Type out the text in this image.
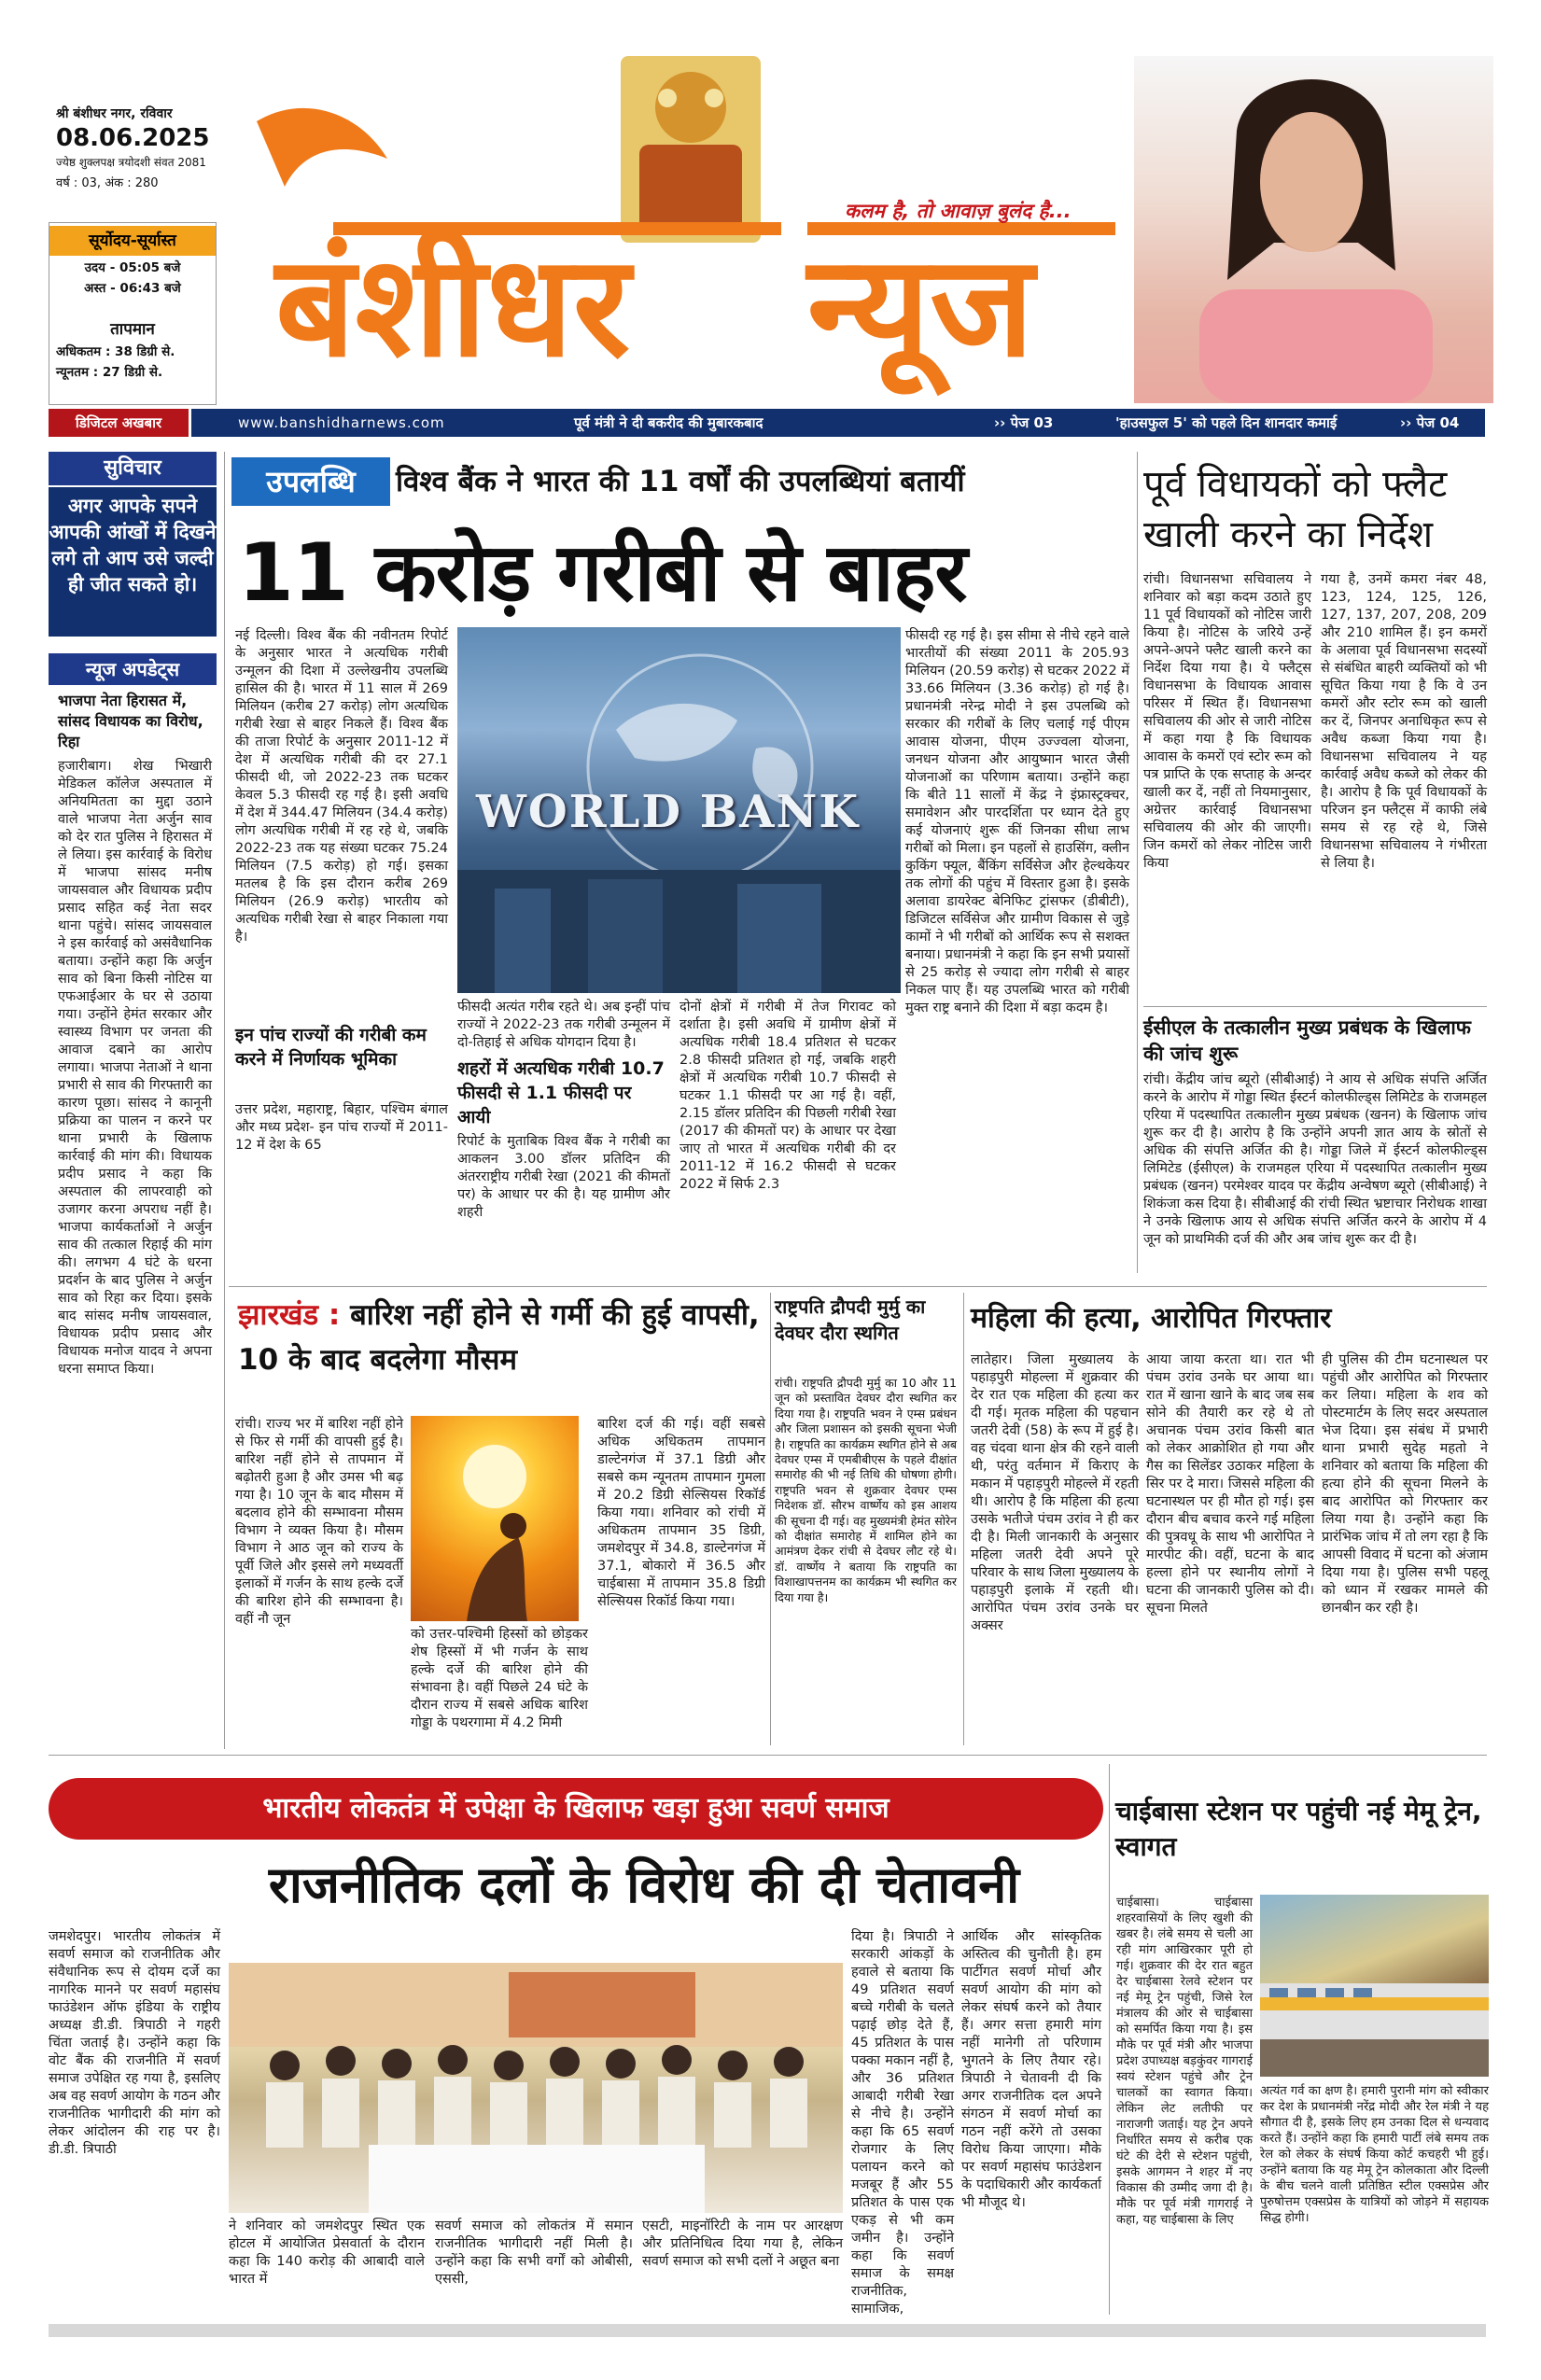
श्री बंशीधर नगर, रविवार
08.06.2025
ज्येष्ठ शुक्लपक्ष त्रयोदशी संवत 2081
वर्ष : 03, अंक : 280
सूर्योदय-सूर्यास्त
उदय - 05:05 बजे
अस्त - 06:43 बजे
तापमान
अधिकतम : 38 डिग्री से.
न्यूनतम : 27 डिग्री से. बंशीधर न्यूज
कलम है, तो आवाज़ बुलंद है...
डिजिटल अखबार	www.banshidharnews.com	पूर्व मंत्री ने दी बकरीद की मुबारकबाद	›› पेज 03	'हाउसफुल 5' को पहले दिन शानदार कमाई	›› पेज 04
सुविचार
अगर आपके सपने आपकी आंखों में दिखने लगे तो आप उसे जल्दी ही जीत सकते हो।
न्यूज अपडेट्स
भाजपा नेता हिरासत में, सांसद विधायक का विरोध, रिहा
हजारीबाग। शेख भिखारी मेडिकल कॉलेज अस्पताल में अनियमितता का मुद्दा उठाने वाले भाजपा नेता अर्जुन साव को देर रात पुलिस ने हिरासत में ले लिया। इस कार्रवाई के विरोध में भाजपा सांसद मनीष जायसवाल और विधायक प्रदीप प्रसाद सहित कई नेता सदर थाना पहुंचे। सांसद जायसवाल ने इस कार्रवाई को असंवैधानिक बताया। उन्होंने कहा कि अर्जुन साव को बिना किसी नोटिस या एफआईआर के घर से उठाया गया। उन्होंने हेमंत सरकार और स्वास्थ्य विभाग पर जनता की आवाज दबाने का आरोप लगाया। भाजपा नेताओं ने थाना प्रभारी से साव की गिरफ्तारी का कारण पूछा। सांसद ने कानूनी प्रक्रिया का पालन न करने पर थाना प्रभारी के खिलाफ कार्रवाई की मांग की। विधायक प्रदीप प्रसाद ने कहा कि अस्पताल की लापरवाही को उजागर करना अपराध नहीं है। भाजपा कार्यकर्ताओं ने अर्जुन साव की तत्काल रिहाई की मांग की। लगभग 4 घंटे के धरना प्रदर्शन के बाद पुलिस ने अर्जुन साव को रिहा कर दिया। इसके बाद सांसद मनीष जायसवाल, विधायक प्रदीप प्रसाद और विधायक मनोज यादव ने अपना धरना समाप्त किया।
उपलब्धि	विश्व बैंक ने भारत की 11 वर्षों की उपलब्धियां बतायीं
11 करोड़ गरीबी से बाहर
नई दिल्ली। विश्व बैंक की नवीनतम रिपोर्ट के अनुसार भारत ने अत्यधिक गरीबी उन्मूलन की दिशा में उल्लेखनीय उपलब्धि हासिल की है। भारत में 11 साल में 269 मिलियन (करीब 27 करोड़) लोग अत्यधिक गरीबी रेखा से बाहर निकले हैं। विश्व बैंक की ताजा रिपोर्ट के अनुसार 2011-12 में देश में अत्यधिक गरीबी की दर 27.1 फीसदी थी, जो 2022-23 तक घटकर केवल 5.3 फीसदी रह गई है। इसी अवधि में देश में 344.47 मिलियन (34.4 करोड़) लोग अत्यधिक गरीबी में रह रहे थे, जबकि 2022-23 तक यह संख्या घटकर 75.24 मिलियन (7.5 करोड़) हो गई। इसका मतलब है कि इस दौरान करीब 269 मिलियन (26.9 करोड़) भारतीय को अत्यधिक गरीबी रेखा से बाहर निकाला गया है।
इन पांच राज्यों की गरीबी कम करने में निर्णायक भूमिका
उत्तर प्रदेश, महाराष्ट्र, बिहार, पश्चिम बंगाल और मध्य प्रदेश- इन पांच राज्यों में 2011-12 में देश के 65
WORLD BANK
फीसदी अत्यंत गरीब रहते थे। अब इन्हीं पांच राज्यों ने 2022-23 तक गरीबी उन्मूलन में दो-तिहाई से अधिक योगदान दिया है।
शहरों में अत्यधिक गरीबी 10.7 फीसदी से 1.1 फीसदी पर आयी
रिपोर्ट के मुताबिक विश्व बैंक ने गरीबी का आकलन 3.00 डॉलर प्रतिदिन की अंतरराष्ट्रीय गरीबी रेखा (2021 की कीमतों पर) के आधार पर की है। यह ग्रामीण और शहरी
दोनों क्षेत्रों में गरीबी में तेज गिरावट को दर्शाता है। इसी अवधि में ग्रामीण क्षेत्रों में अत्यधिक गरीबी 18.4 प्रतिशत से घटकर 2.8 फीसदी प्रतिशत हो गई, जबकि शहरी क्षेत्रों में अत्यधिक गरीबी 10.7 फीसदी से घटकर 1.1 फीसदी पर आ गई है। वहीं, 2.15 डॉलर प्रतिदिन की पिछली गरीबी रेखा (2017 की कीमतों पर) के आधार पर देखा जाए तो भारत में अत्यधिक गरीबी की दर 2011-12 में 16.2 फीसदी से घटकर 2022 में सिर्फ 2.3
फीसदी रह गई है। इस सीमा से नीचे रहने वाले भारतीयों की संख्या 2011 के 205.93 मिलियन (20.59 करोड़) से घटकर 2022 में 33.66 मिलियन (3.36 करोड़) हो गई है। प्रधानमंत्री नरेन्द्र मोदी ने इस उपलब्धि को सरकार की गरीबों के लिए चलाई गई पीएम आवास योजना, पीएम उज्ज्वला योजना, जनधन योजना और आयुष्मान भारत जैसी योजनाओं का परिणाम बताया। उन्होंने कहा कि बीते 11 सालों में केंद्र ने इंफ्रास्ट्रक्चर, समावेशन और पारदर्शिता पर ध्यान देते हुए कई योजनाएं शुरू कीं जिनका सीधा लाभ गरीबों को मिला। इन पहलों से हाउसिंग, क्लीन कुकिंग फ्यूल, बैंकिंग सर्विसेज और हेल्थकेयर तक लोगों की पहुंच में विस्तार हुआ है। इसके अलावा डायरेक्ट बेनिफिट ट्रांसफर (डीबीटी), डिजिटल सर्विसेज और ग्रामीण विकास से जुड़े कामों ने भी गरीबों को आर्थिक रूप से सशक्त बनाया। प्रधानमंत्री ने कहा कि इन सभी प्रयासों से 25 करोड़ से ज्यादा लोग गरीबी से बाहर निकल पाए हैं। यह उपलब्धि भारत को गरीबी मुक्त राष्ट्र बनाने की दिशा में बड़ा कदम है।
पूर्व विधायकों को फ्लैट खाली करने का निर्देश
रांची। विधानसभा सचिवालय ने शनिवार को बड़ा कदम उठाते हुए 11 पूर्व विधायकों को नोटिस जारी किया है। नोटिस के जरिये उन्हें अपने-अपने फ्लैट खाली करने का निर्देश दिया गया है। ये फ्लैट्स विधानसभा के विधायक आवास परिसर में स्थित हैं। विधानसभा सचिवालय की ओर से जारी नोटिस में कहा गया है कि विधायक आवास के कमरों एवं स्टोर रूम को पत्र प्राप्ति के एक सप्ताह के अन्दर खाली कर दें, नहीं तो नियमानुसार, अग्रेत्तर कार्रवाई विधानसभा सचिवालय की ओर की जाएगी। जिन कमरों को लेकर नोटिस जारी किया
गया है, उनमें कमरा नंबर 48, 123, 124, 125, 126, 127, 137, 207, 208, 209 और 210 शामिल हैं। इन कमरों के अलावा पूर्व विधानसभा सदस्यों से संबंधित बाहरी व्यक्तियों को भी सूचित किया गया है कि वे उन कमरों और स्टोर रूम को खाली कर दें, जिनपर अनाधिकृत रूप से अवैध कब्जा किया गया है। विधानसभा सचिवालय ने यह कार्रवाई अवैध कब्जे को लेकर की है। आरोप है कि पूर्व विधायकों के परिजन इन फ्लैट्स में काफी लंबे समय से रह रहे थे, जिसे विधानसभा सचिवालय ने गंभीरता से लिया है।
ईसीएल के तत्कालीन मुख्य प्रबंधक के खिलाफ की जांच शुरू
रांची। केंद्रीय जांच ब्यूरो (सीबीआई) ने आय से अधिक संपत्ति अर्जित करने के आरोप में गोड्डा स्थित ईस्टर्न कोलफील्ड्स लिमिटेड के राजमहल एरिया में पदस्थापित तत्कालीन मुख्य प्रबंधक (खनन) के खिलाफ जांच शुरू कर दी है। आरोप है कि उन्होंने अपनी ज्ञात आय के स्रोतों से अधिक की संपत्ति अर्जित की है। गोड्डा जिले में ईस्टर्न कोलफील्ड्स लिमिटेड (ईसीएल) के राजमहल एरिया में पदस्थापित तत्कालीन मुख्य प्रबंधक (खनन) परमेश्वर यादव पर केंद्रीय अन्वेषण ब्यूरो (सीबीआई) ने शिकंजा कस दिया है। सीबीआई की रांची स्थित भ्रष्टाचार निरोधक शाखा ने उनके खिलाफ आय से अधिक संपत्ति अर्जित करने के आरोप में 4 जून को प्राथमिकी दर्ज की और अब जांच शुरू कर दी है।
झारखंड : बारिश नहीं होने से गर्मी की हुई वापसी, 10 के बाद बदलेगा मौसम
रांची। राज्य भर में बारिश नहीं होने से फिर से गर्मी की वापसी हुई है। बारिश नहीं होने से तापमान में बढ़ोतरी हुआ है और उमस भी बढ़ गया है। 10 जून के बाद मौसम में बदलाव होने की सम्भावना मौसम विभाग ने व्यक्त किया है। मौसम विभाग ने आठ जून को राज्य के पूर्वी जिले और इससे लगे मध्यवर्ती इलाकों में गर्जन के साथ हल्के दर्जे की बारिश होने की सम्भावना है। वहीं नौ जून
को उत्तर-पश्चिमी हिस्सों को छोड़कर शेष हिस्सों में भी गर्जन के साथ हल्के दर्जे की बारिश होने की संभावना है। वहीं पिछले 24 घंटे के दौरान राज्य में सबसे अधिक बारिश गोड्डा के पथरगामा में 4.2 मिमी
बारिश दर्ज की गई। वहीं सबसे अधिक अधिकतम तापमान डाल्टेनगंज में 37.1 डिग्री और सबसे कम न्यूनतम तापमान गुमला में 20.2 डिग्री सेल्सियस रिकॉर्ड किया गया। शनिवार को रांची में अधिकतम तापमान 35 डिग्री, जमशेदपुर में 34.8, डाल्टेनगंज में 37.1, बोकारो में 36.5 और चाईबासा में तापमान 35.8 डिग्री सेल्सियस रिकॉर्ड किया गया।
राष्ट्रपति द्रौपदी मुर्मु का देवघर दौरा स्थगित
रांची। राष्ट्रपति द्रौपदी मुर्मु का 10 और 11 जून को प्रस्तावित देवघर दौरा स्थगित कर दिया गया है। राष्ट्रपति भवन ने एम्स प्रबंधन और जिला प्रशासन को इसकी सूचना भेजी है। राष्ट्रपति का कार्यक्रम स्थगित होने से अब देवघर एम्स में एमबीबीएस के पहले दीक्षांत समारोह की भी नई तिथि की घोषणा होगी। राष्ट्रपति भवन से शुक्रवार देवघर एम्स निदेशक डॉ. सौरभ वार्ष्णेय को इस आशय की सूचना दी गई। वह मुख्यमंत्री हेमंत सोरेन को दीक्षांत समारोह में शामिल होने का आमंत्रण देकर रांची से देवघर लौट रहे थे। डॉ. वार्ष्णेय ने बताया कि राष्ट्रपति का विशाखापत्तनम का कार्यक्रम भी स्थगित कर दिया गया है।
महिला की हत्या, आरोपित गिरफ्तार
लातेहार। जिला मुख्यालय के पहाड़पुरी मोहल्ला में शुक्रवार की देर रात एक महिला की हत्या कर दी गई। मृतक महिला की पहचान जतरी देवी (58) के रूप में हुई है। वह चंदवा थाना क्षेत्र की रहने वाली थी, परंतु वर्तमान में किराए के मकान में पहाड़पुरी मोहल्ले में रहती थी। आरोप है कि महिला की हत्या उसके भतीजे पंचम उरांव ने ही कर दी है। मिली जानकारी के अनुसार महिला जतरी देवी अपने पूरे परिवार के साथ जिला मुख्यालय के पहाड़पुरी इलाके में रहती थी। आरोपित पंचम उरांव उनके घर अक्सर
आया जाया करता था। रात भी पंचम उरांव उनके घर आया था। रात में खाना खाने के बाद जब सब सोने की तैयारी कर रहे थे तो अचानक पंचम उरांव किसी बात को लेकर आक्रोशित हो गया और गैस का सिलेंडर उठाकर महिला के सिर पर दे मारा। जिससे महिला की घटनास्थल पर ही मौत हो गई। इस दौरान बीच बचाव करने गई महिला की पुत्रवधू के साथ भी आरोपित ने मारपीट की। वहीं, घटना के बाद हल्ला होने पर स्थानीय लोगों ने घटना की जानकारी पुलिस को दी। सूचना मिलते
ही पुलिस की टीम घटनास्थल पर पहुंची और आरोपित को गिरफ्तार कर लिया। महिला के शव को पोस्टमार्टम के लिए सदर अस्पताल भेज दिया। इस संबंध में प्रभारी थाना प्रभारी सुदेह महतो ने शनिवार को बताया कि महिला की हत्या होने की सूचना मिलने के बाद आरोपित को गिरफ्तार कर लिया गया है। उन्होंने कहा कि प्रारंभिक जांच में तो लग रहा है कि आपसी विवाद में घटना को अंजाम दिया गया है। पुलिस सभी पहलू को ध्यान में रखकर मामले की छानबीन कर रही है।
भारतीय लोकतंत्र में उपेक्षा के खिलाफ खड़ा हुआ सवर्ण समाज
राजनीतिक दलों के विरोध की दी चेतावनी
जमशेदपुर। भारतीय लोकतंत्र में सवर्ण समाज को राजनीतिक और संवैधानिक रूप से दोयम दर्जे का नागरिक मानने पर सवर्ण महासंघ फाउंडेशन ऑफ इंडिया के राष्ट्रीय अध्यक्ष डी.डी. त्रिपाठी ने गहरी चिंता जताई है। उन्होंने कहा कि वोट बैंक की राजनीति में सवर्ण समाज उपेक्षित रह गया है, इसलिए अब वह सवर्ण आयोग के गठन और राजनीतिक भागीदारी की मांग को लेकर आंदोलन की राह पर है। डी.डी. त्रिपाठी
ने शनिवार को जमशेदपुर स्थित एक होटल में आयोजित प्रेसवार्ता के दौरान कहा कि 140 करोड़ की आबादी वाले भारत में
सवर्ण समाज को लोकतंत्र में समान राजनीतिक भागीदारी नहीं मिली है। उन्होंने कहा कि सभी वर्गों को ओबीसी, एससी,
एसटी, माइनॉरिटी के नाम पर आरक्षण और प्रतिनिधित्व दिया गया है, लेकिन सवर्ण समाज को सभी दलों ने अछूत बना
दिया है। त्रिपाठी ने सरकारी आंकड़ों के हवाले से बताया कि 49 प्रतिशत सवर्ण बच्चे गरीबी के चलते पढ़ाई छोड़ देते हैं, 45 प्रतिशत के पास पक्का मकान नहीं है, और 36 प्रतिशत आबादी गरीबी रेखा से नीचे है। उन्होंने कहा कि 65 सवर्ण रोजगार के लिए पलायन करने को मजबूर हैं और 55 प्रतिशत के पास एक एकड़ से भी कम जमीन है। उन्होंने कहा कि सवर्ण समाज के समक्ष राजनीतिक, सामाजिक,
आर्थिक और सांस्कृतिक अस्तित्व की चुनौती है। हम पार्टीगत सवर्ण मोर्चा और सवर्ण आयोग की मांग को लेकर संघर्ष करने को तैयार हैं। अगर सत्ता हमारी मांग नहीं मानेगी तो परिणाम भुगतने के लिए तैयार रहे। त्रिपाठी ने चेतावनी दी कि अगर राजनीतिक दल अपने संगठन में सवर्ण मोर्चा का गठन नहीं करेंगे तो उसका विरोध किया जाएगा। मौके पर सवर्ण महासंघ फाउंडेशन के पदाधिकारी और कार्यकर्ता भी मौजूद थे।
चाईबासा स्टेशन पर पहुंची नई मेमू ट्रेन, स्वागत
चाईबासा। चाईबासा शहरवासियों के लिए खुशी की खबर है। लंबे समय से चली आ रही मांग आखिरकार पूरी हो गई। शुक्रवार की देर रात बहुत देर चाईबासा रेलवे स्टेशन पर नई मेमू ट्रेन पहुंची, जिसे रेल मंत्रालय की ओर से चाईबासा को समर्पित किया गया है। इस मौके पर पूर्व मंत्री और भाजपा प्रदेश उपाध्यक्ष बड़कुंवर गागराई स्वयं स्टेशन पहुंचे और ट्रेन चालकों का स्वागत किया। लेकिन लेट लतीफी पर नाराजगी जताई। यह ट्रेन अपने निर्धारित समय से करीब एक घंटे की देरी से स्टेशन पहुंची, इसके आगमन ने शहर में नए विकास की उम्मीद जगा दी है। मौके पर पूर्व मंत्री गागराई ने कहा, यह चाईबासा के लिए
अत्यंत गर्व का क्षण है। हमारी पुरानी मांग को स्वीकार कर देश के प्रधानमंत्री नरेंद्र मोदी और रेल मंत्री ने यह सौगात दी है, इसके लिए हम उनका दिल से धन्यवाद करते हैं। उन्होंने कहा कि हमारी पार्टी लंबे समय तक रेल को लेकर के संघर्ष किया कोर्ट कचहरी भी हुई। उन्होंने बताया कि यह मेमू ट्रेन कोलकाता और दिल्ली के बीच चलने वाली प्रतिष्ठित स्टील एक्सप्रेस और पुरुषोत्तम एक्सप्रेस के यात्रियों को जोड़ने में सहायक सिद्ध होगी।
